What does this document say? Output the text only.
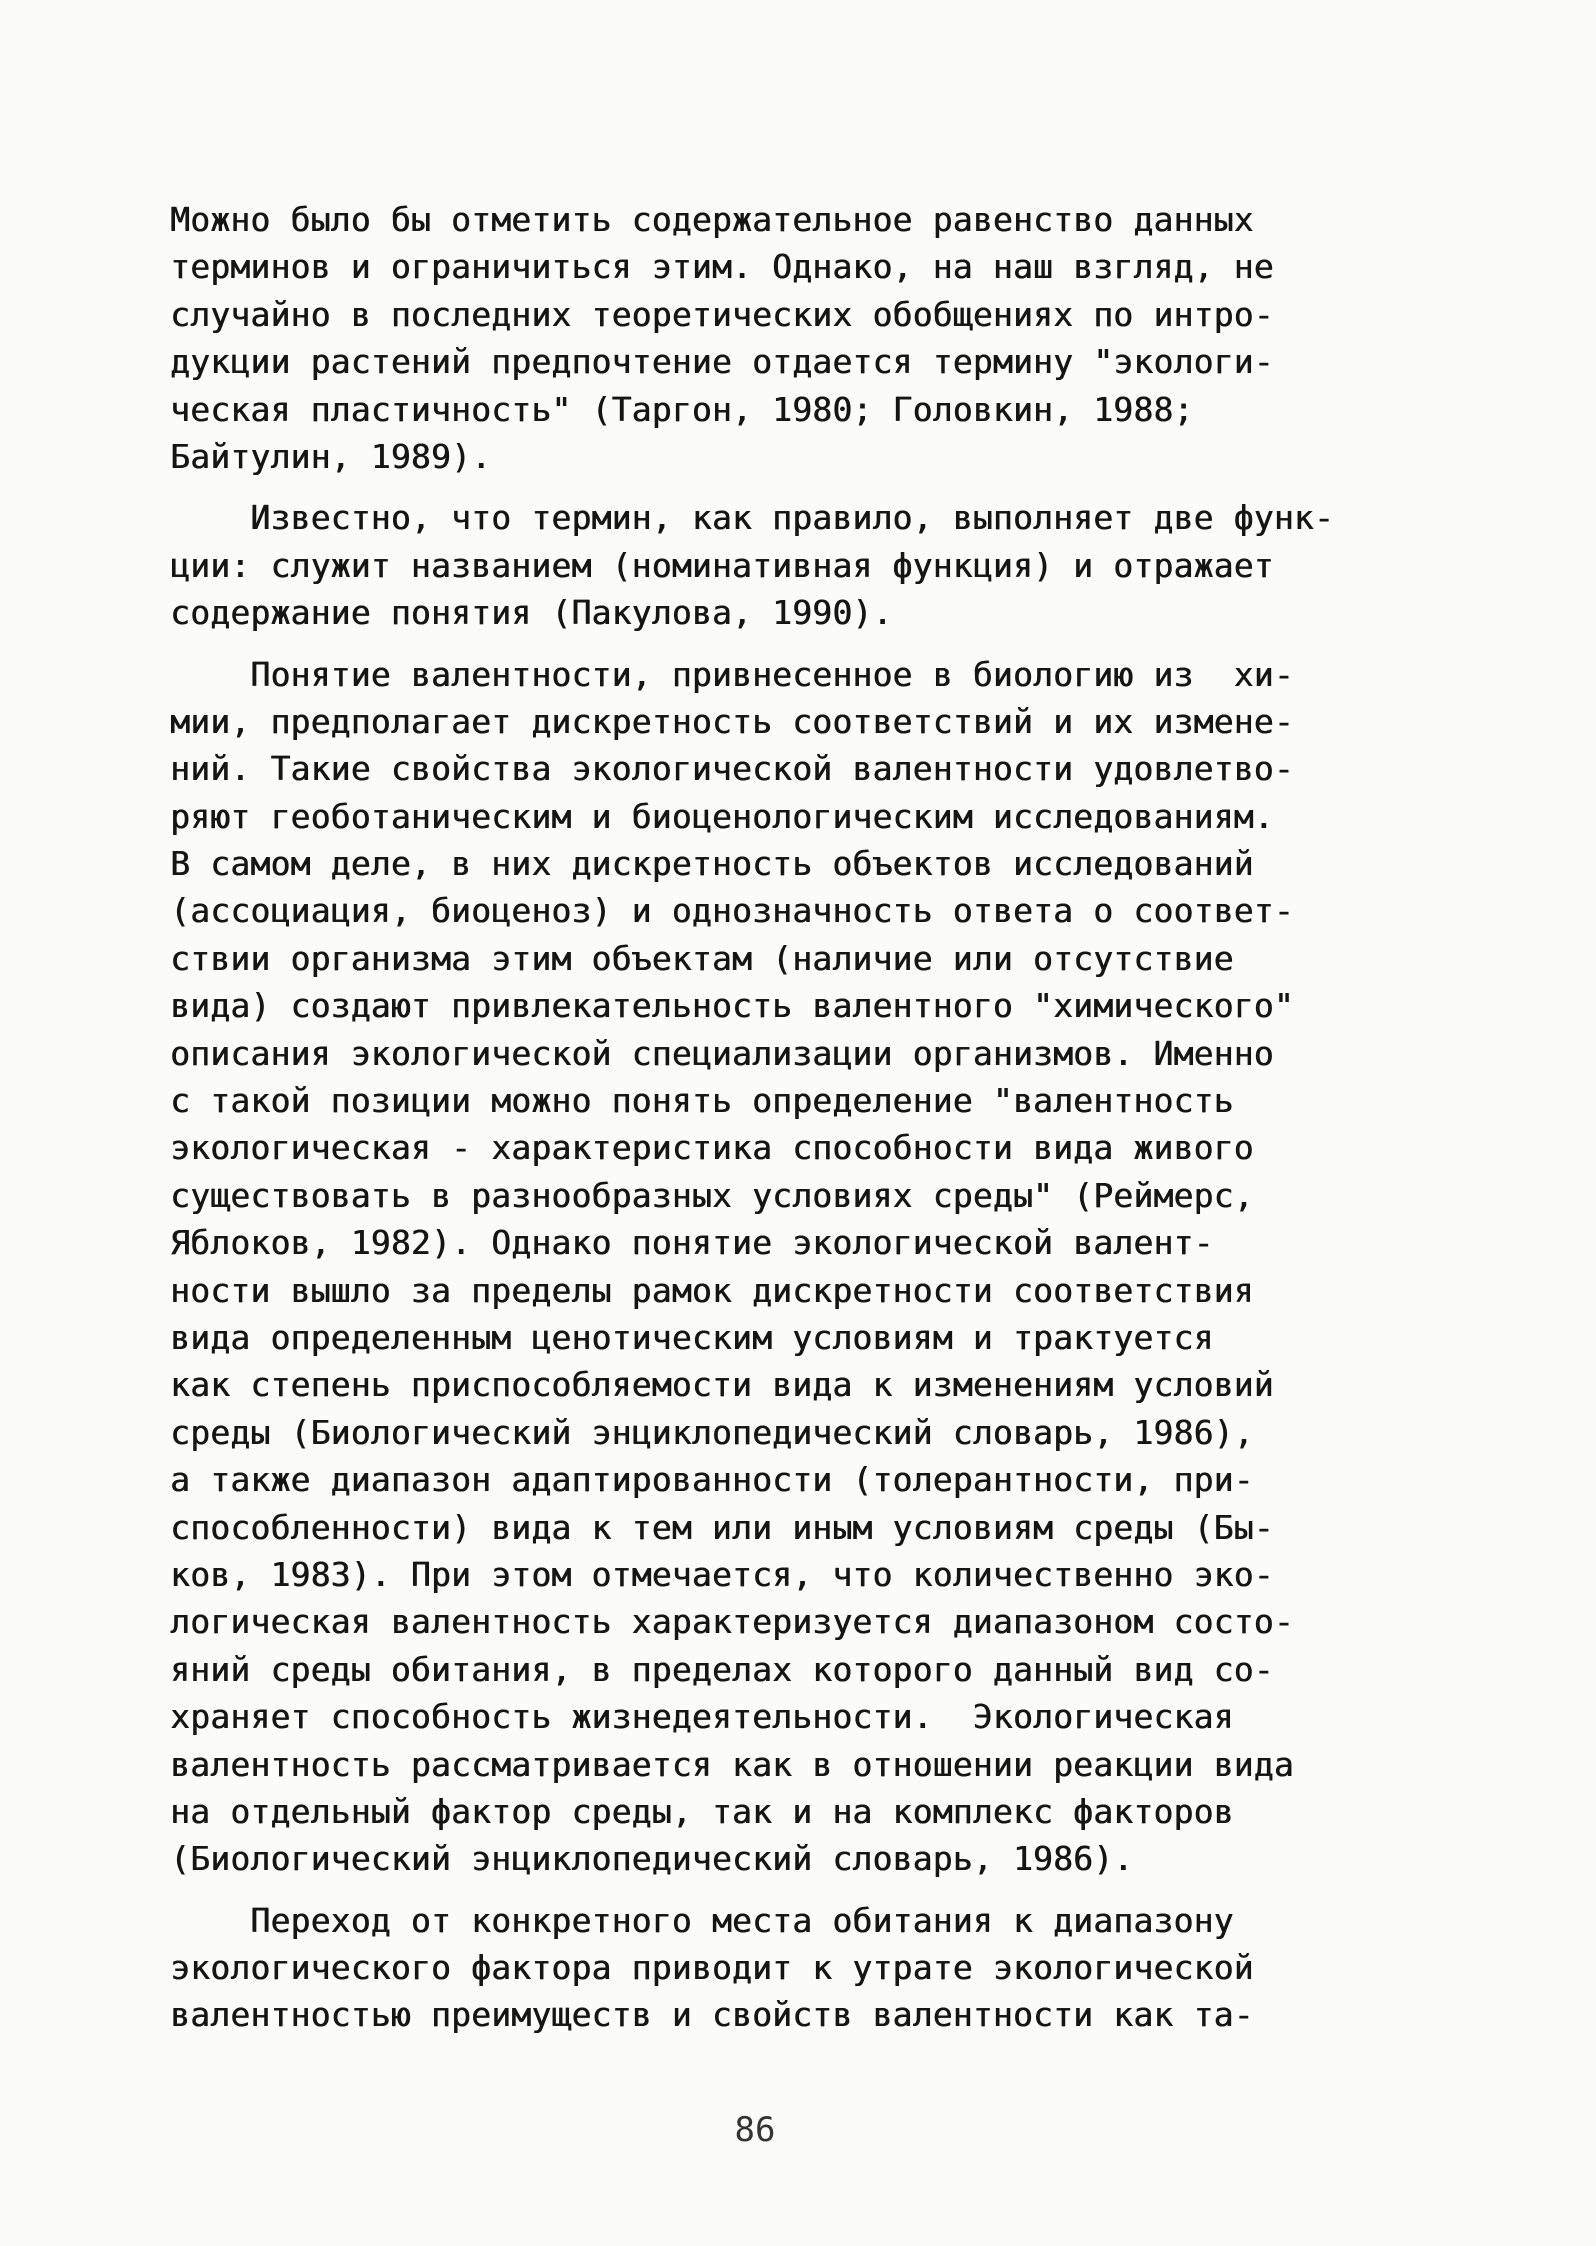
Можно было бы отметить содержательное равенство данных
терминов и ограничиться этим. Однако, на наш взгляд, не
случайно в последних теоретических обобщениях по интро-
дукции растений предпочтение отдается термину "экологи-
ческая пластичность" (Таргон, 1980; Головкин, 1988;
Байтулин, 1989).
Известно, что термин, как правило, выполняет две функ-
ции: служит названием (номинативная функция) и отражает
содержание понятия (Пакулова, 1990).
Понятие валентности, привнесенное в биологию из  хи-
мии, предполагает дискретность соответствий и их измене-
ний. Такие свойства экологической валентности удовлетво-
ряют геоботаническим и биоценологическим исследованиям.
В самом деле, в них дискретность объектов исследований
(ассоциация, биоценоз) и однозначность ответа о соответ-
ствии организма этим объектам (наличие или отсутствие
вида) создают привлекательность валентного "химического"
описания экологической специализации организмов. Именно
с такой позиции можно понять определение "валентность
экологическая - характеристика способности вида живого
существовать в разнообразных условиях среды" (Реймерс,
Яблоков, 1982). Однако понятие экологической валент-
ности вышло за пределы рамок дискретности соответствия
вида определенным ценотическим условиям и трактуется
как степень приспособляемости вида к изменениям условий
среды (Биологический энциклопедический словарь, 1986),
а также диапазон адаптированности (толерантности, при-
способленности) вида к тем или иным условиям среды (Бы-
ков, 1983). При этом отмечается, что количественно эко-
логическая валентность характеризуется диапазоном состо-
яний среды обитания, в пределах которого данный вид со-
храняет способность жизнедеятельности.  Экологическая
валентность рассматривается как в отношении реакции вида
на отдельный фактор среды, так и на комплекс факторов
(Биологический энциклопедический словарь, 1986).
Переход от конкретного места обитания к диапазону
экологического фактора приводит к утрате экологической
валентностью преимуществ и свойств валентности как та-
86
